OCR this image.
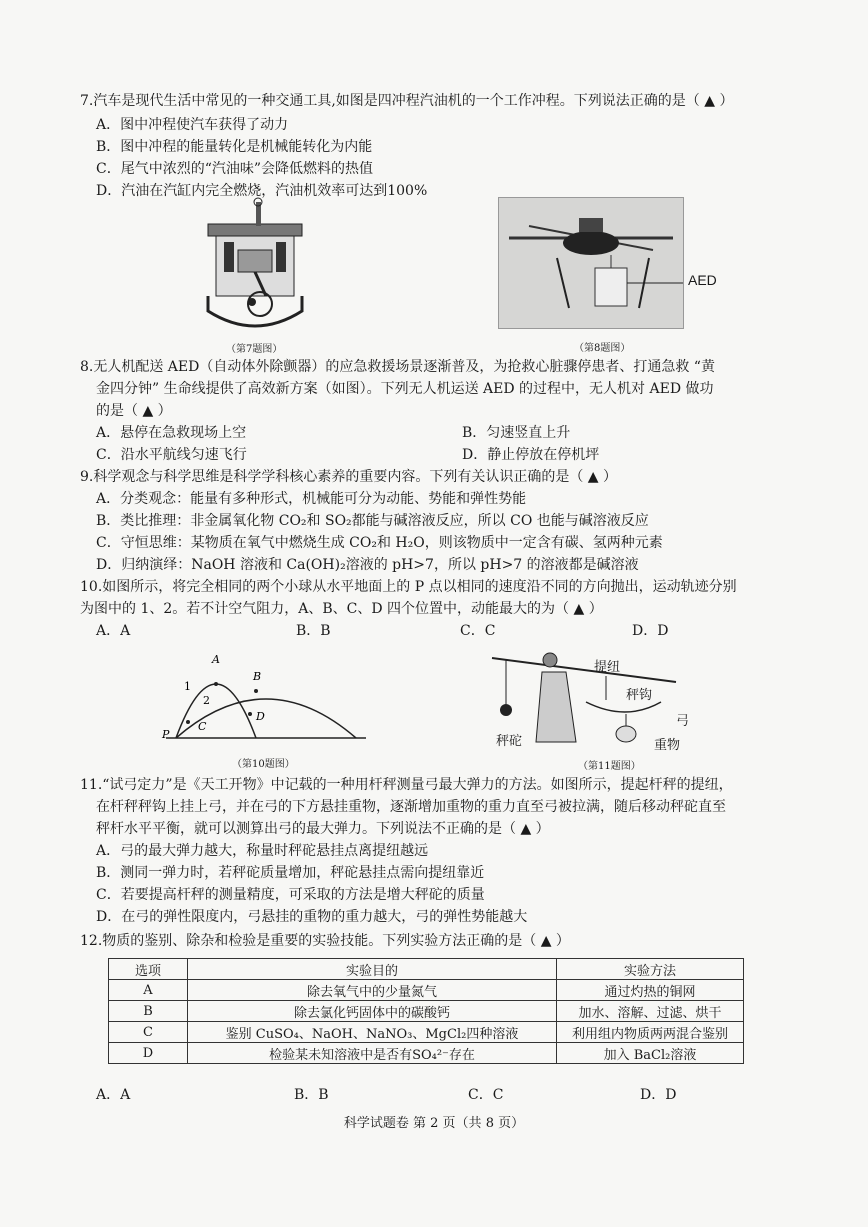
7.汽车是现代生活中常见的一种交通工具,如图是四冲程汽油机的一个工作冲程。下列说法正确的是（ ▲ ）
A．图中冲程使汽车获得了动力
B．图中冲程的能量转化是机械能转化为内能
C．尾气中浓烈的“汽油味”会降低燃料的热值
D．汽油在汽缸内完全燃烧，汽油机效率可达到100%
（第7题图）
AED
（第8题图）
8.无人机配送 AED（自动体外除颤器）的应急救援场景逐渐普及，为抢救心脏骤停患者、打通急救 “黄
金四分钟” 生命线提供了高效新方案（如图）。下列无人机运送 AED 的过程中，无人机对 AED 做功
的是（ ▲ ）
A．悬停在急救现场上空	B．匀速竖直上升
C．沿水平航线匀速飞行	D．静止停放在停机坪
9.科学观念与科学思维是科学学科核心素养的重要内容。下列有关认识正确的是（ ▲ ）
A．分类观念：能量有多种形式，机械能可分为动能、势能和弹性势能
B．类比推理：非金属氧化物 CO₂和 SO₂都能与碱溶液反应，所以 CO 也能与碱溶液反应
C．守恒思维：某物质在氧气中燃烧生成 CO₂和 H₂O，则该物质中一定含有碳、氢两种元素
D．归纳演绎：NaOH 溶液和 Ca(OH)₂溶液的 pH>7，所以 pH>7 的溶液都是碱溶液
10.如图所示，将完全相同的两个小球从水平地面上的 P 点以相同的速度沿不同的方向抛出，运动轨迹分别
为图中的 1、2。若不计空气阻力，A、B、C、D 四个位置中，动能最大的为（ ▲ ）
A．A	B．B	C．C	D．D
A
B
C
D
P
1
2
（第10题图）
提纽
秤钩
弓
秤砣	重物
（第11题图）
11.“试弓定力”是《天工开物》中记载的一种用杆秤测量弓最大弹力的方法。如图所示，提起杆秤的提纽，
在杆秤秤钩上挂上弓，并在弓的下方悬挂重物，逐渐增加重物的重力直至弓被拉满，随后移动秤砣直至
秤杆水平平衡，就可以测算出弓的最大弹力。下列说法不正确的是（ ▲ ）
A．弓的最大弹力越大，称量时秤砣悬挂点离提纽越远
B．测同一弹力时，若秤砣质量增加，秤砣悬挂点需向提纽靠近
C．若要提高杆秤的测量精度，可采取的方法是增大秤砣的质量
D．在弓的弹性限度内，弓悬挂的重物的重力越大，弓的弹性势能越大
12.物质的鉴别、除杂和检验是重要的实验技能。下列实验方法正确的是（ ▲ ）
选项	实验目的	实验方法
A	除去氧气中的少量氮气	通过灼热的铜网
B	除去氯化钙固体中的碳酸钙	加水、溶解、过滤、烘干
C	鉴别 CuSO₄、NaOH、NaNO₃、MgCl₂四种溶液	利用组内物质两两混合鉴别
D	检验某未知溶液中是否有SO₄²⁻存在	加入 BaCl₂溶液
A．A	B．B	C．C	D．D
科学试题卷 第 2 页（共 8 页）
